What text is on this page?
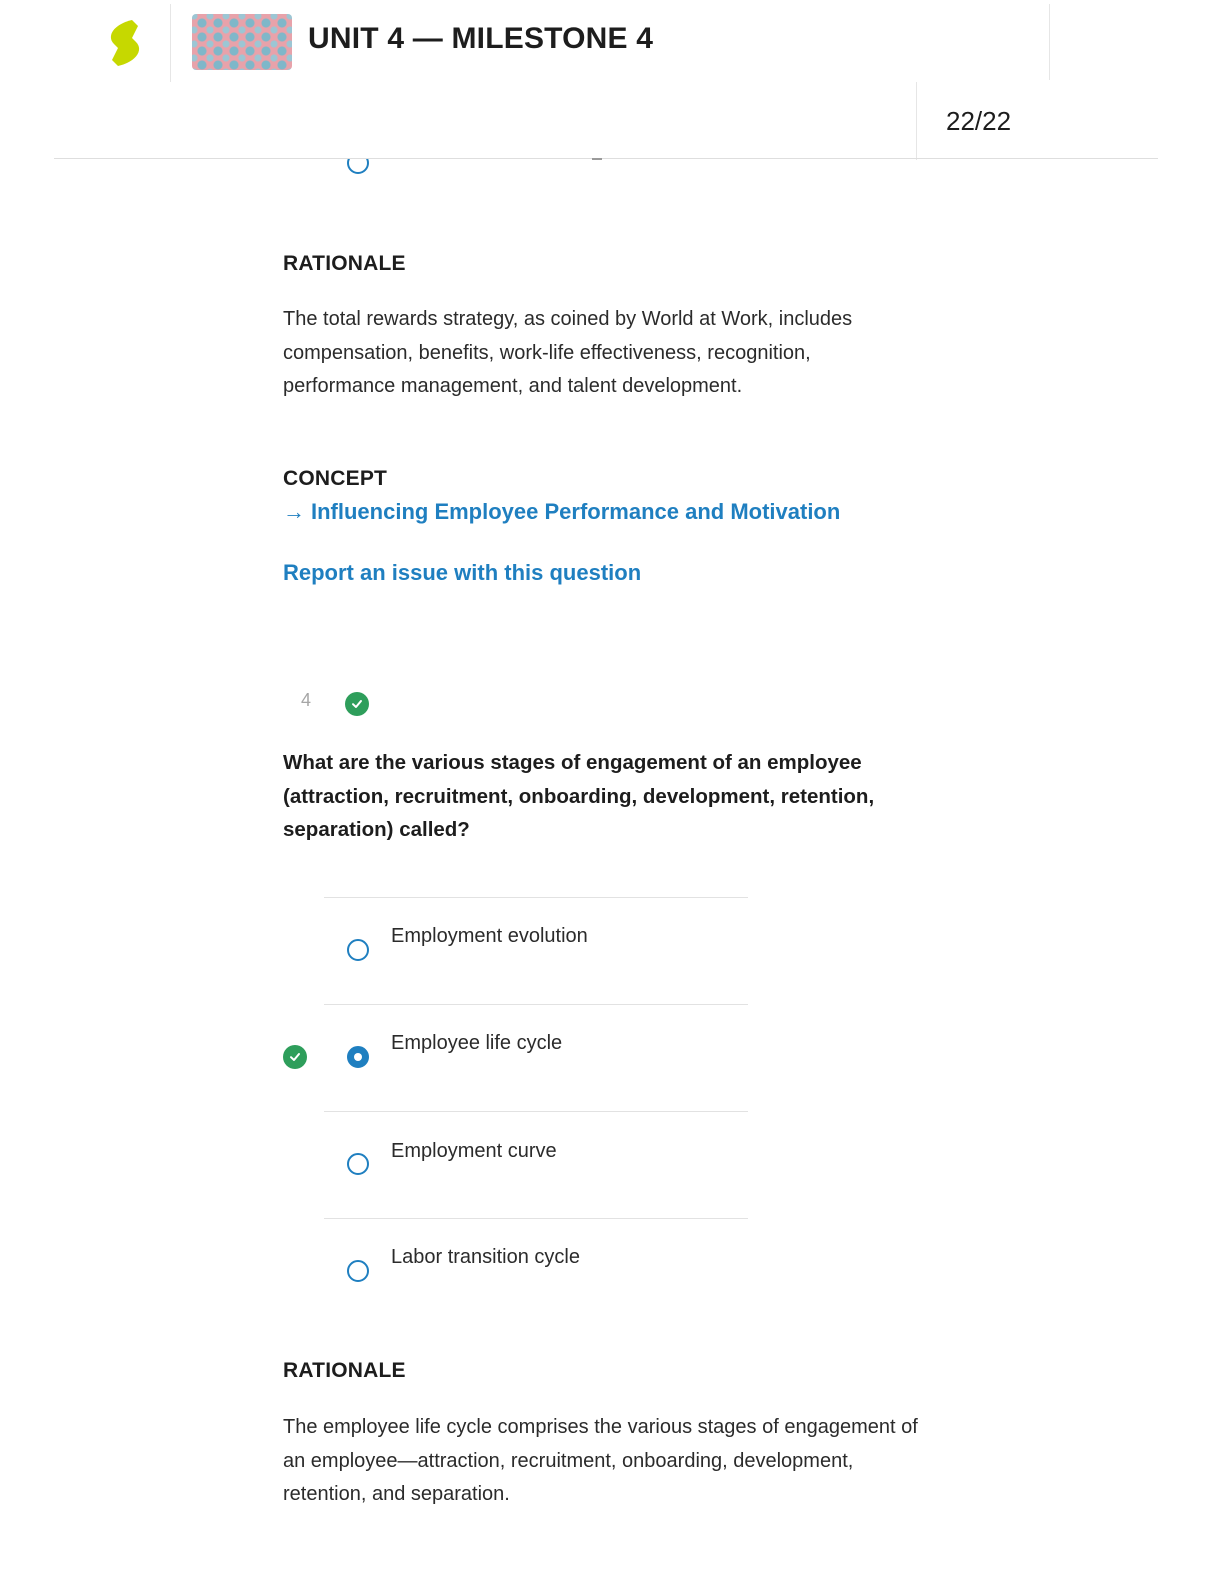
UNIT 4 — MILESTONE 4
22/22
RATIONALE
The total rewards strategy, as coined by World at Work, includes compensation, benefits, work-life effectiveness, recognition, performance management, and talent development.
CONCEPT
→ Influencing Employee Performance and Motivation
Report an issue with this question
4
What are the various stages of engagement of an employee (attraction, recruitment, onboarding, development, retention, separation) called?
Employment evolution
Employee life cycle
Employment curve
Labor transition cycle
RATIONALE
The employee life cycle comprises the various stages of engagement of an employee—attraction, recruitment, onboarding, development, retention, and separation.
